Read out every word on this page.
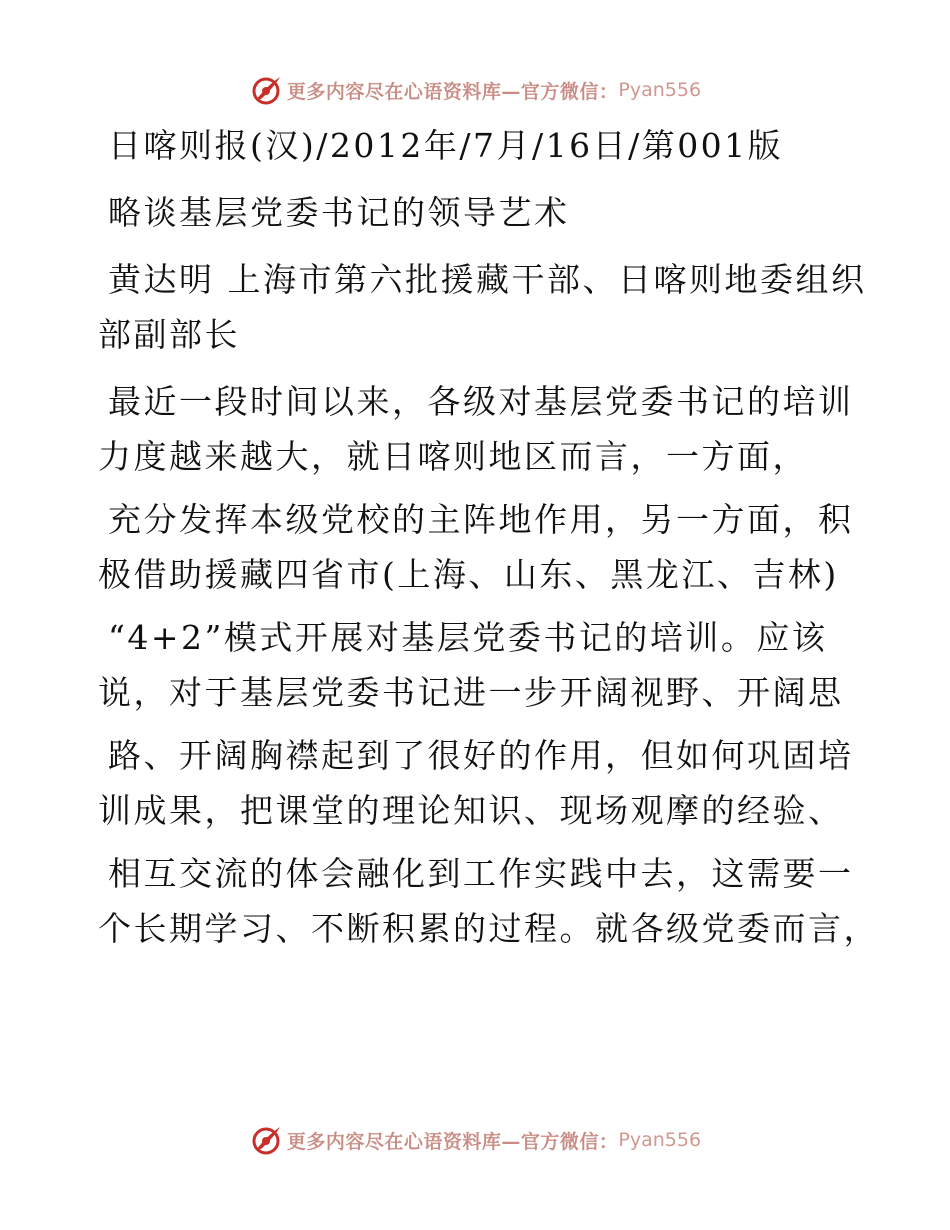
更多内容尽在心语资料库—官方微信： Pyan556
日喀则报(汉)/2012年/7月/16日/第001版
略谈基层党委书记的领导艺术
黄达明 上海市第六批援藏干部、日喀则地委组织
部副部长
最近一段时间以来，各级对基层党委书记的培训
力度越来越大，就日喀则地区而言，一方面，
充分发挥本级党校的主阵地作用，另一方面，积
极借助援藏四省市(上海、山东、黑龙江、吉林)
“4+2”模式开展对基层党委书记的培训。应该
说，对于基层党委书记进一步开阔视野、开阔思
路、开阔胸襟起到了很好的作用，但如何巩固培
训成果，把课堂的理论知识、现场观摩的经验、
相互交流的体会融化到工作实践中去，这需要一
个长期学习、不断积累的过程。就各级党委而言，
更多内容尽在心语资料库—官方微信： Pyan556
